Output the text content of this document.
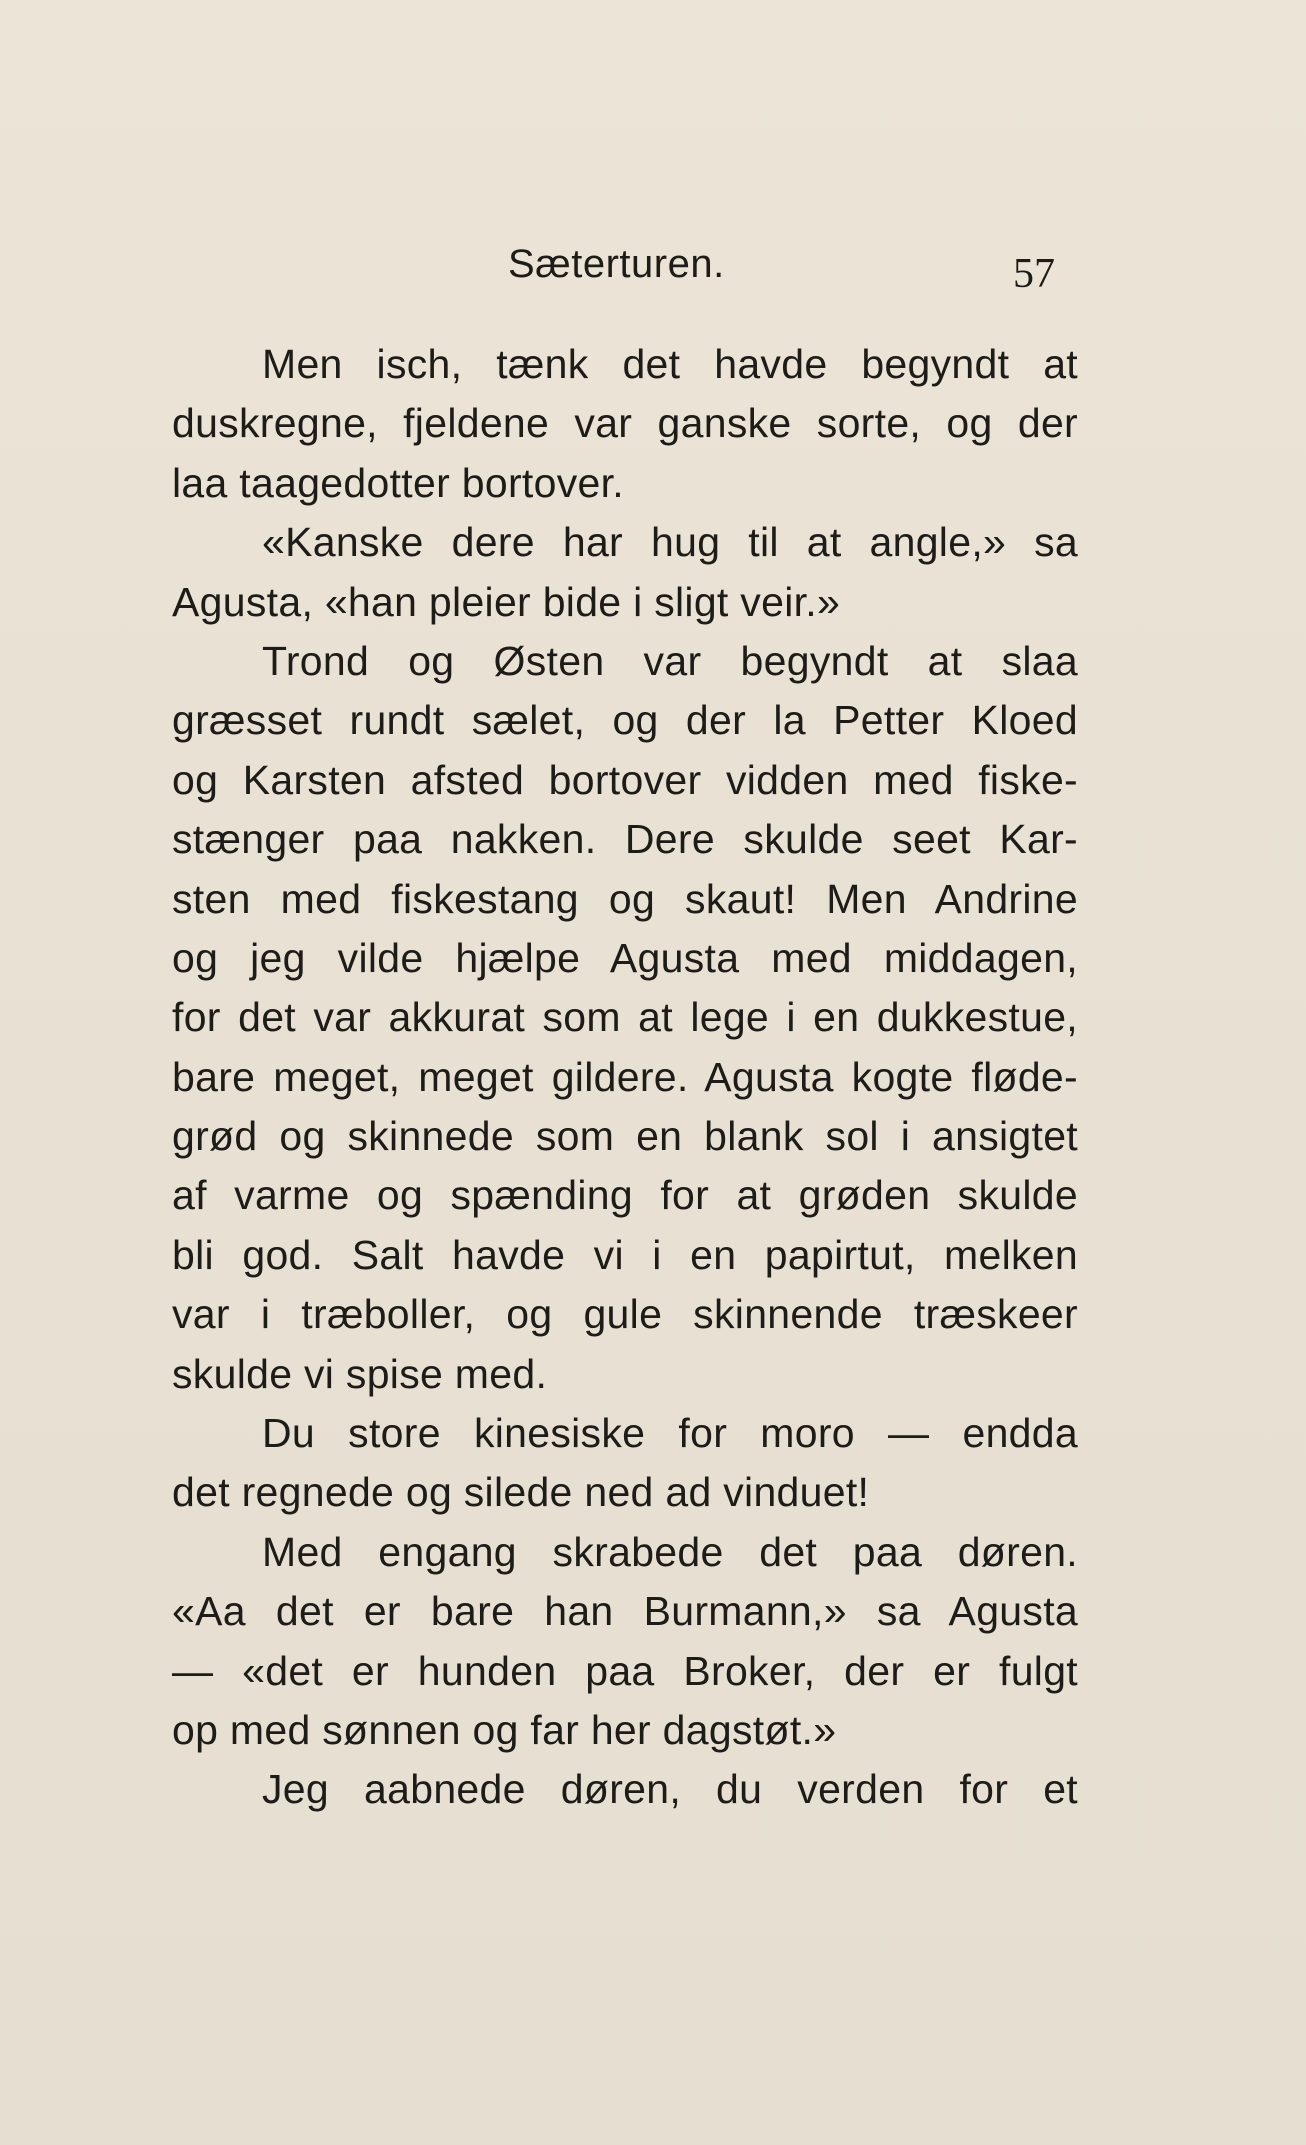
Sæterturen.	57
Men isch, tænk det havde begyndt at
duskregne, fjeldene var ganske sorte, og der
laa taagedotter bortover.
«Kanske dere har hug til at angle,» sa
Agusta, «han pleier bide i sligt veir.»
Trond og Østen var begyndt at slaa
græsset rundt sælet, og der la Petter Kloed
og Karsten afsted bortover vidden med fiske-
stænger paa nakken. Dere skulde seet Kar-
sten med fiskestang og skaut! Men Andrine
og jeg vilde hjælpe Agusta med middagen,
for det var akkurat som at lege i en dukkestue,
bare meget, meget gildere. Agusta kogte fløde-
grød og skinnede som en blank sol i ansigtet
af varme og spænding for at grøden skulde
bli god. Salt havde vi i en papirtut, melken
var i træboller, og gule skinnende træskeer
skulde vi spise med.
Du store kinesiske for moro — endda
det regnede og silede ned ad vinduet!
Med engang skrabede det paa døren.
«Aa det er bare han Burmann,» sa Agusta
— «det er hunden paa Broker, der er fulgt
op med sønnen og far her dagstøt.»
Jeg aabnede døren, du verden for et
